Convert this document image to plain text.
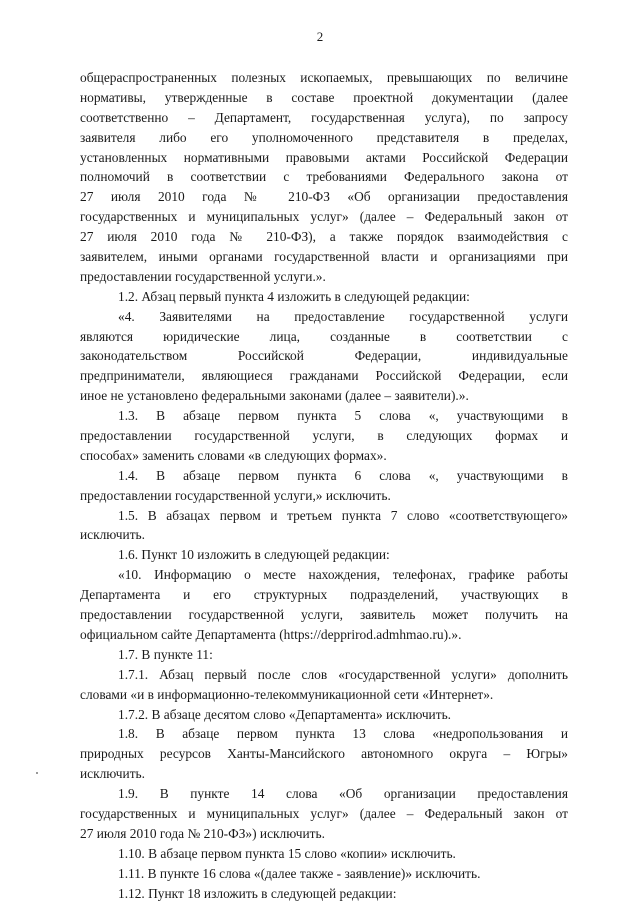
2
общераспространенных полезных ископаемых, превышающих по величине
нормативы, утвержденные в составе проектной документации (далее
соответственно – Департамент, государственная услуга), по запросу
заявителя либо его уполномоченного представителя в пределах,
установленных нормативными правовыми актами Российской Федерации
полномочий в соответствии с требованиями Федерального закона от
27 июля 2010 года № 210-ФЗ «Об организации предоставления
государственных и муниципальных услуг» (далее – Федеральный закон от
27 июля 2010 года № 210-ФЗ), а также порядок взаимодействия с
заявителем, иными органами государственной власти и организациями при
предоставлении государственной услуги.».
1.2. Абзац первый пункта 4 изложить в следующей редакции:
«4. Заявителями на предоставление государственной услуги
являются юридические лица, созданные в соответствии с
законодательством Российской Федерации, индивидуальные
предприниматели, являющиеся гражданами Российской Федерации, если
иное не установлено федеральными законами (далее – заявители).».
1.3. В абзаце первом пункта 5 слова «, участвующими в
предоставлении государственной услуги, в следующих формах и
способах» заменить словами «в следующих формах».
1.4. В абзаце первом пункта 6 слова «, участвующими в
предоставлении государственной услуги,» исключить.
1.5. В абзацах первом и третьем пункта 7 слово «соответствующего»
исключить.
1.6. Пункт 10 изложить в следующей редакции:
«10. Информацию о месте нахождения, телефонах, графике работы
Департамента и его структурных подразделений, участвующих в
предоставлении государственной услуги, заявитель может получить на
официальном сайте Департамента (https://depprirod.admhmao.ru).».
1.7. В пункте 11:
1.7.1. Абзац первый после слов «государственной услуги» дополнить
словами «и в информационно-телекоммуникационной сети «Интернет».
1.7.2. В абзаце десятом слово «Департамента» исключить.
1.8. В абзаце первом пункта 13 слова «недропользования и
природных ресурсов Ханты-Мансийского автономного округа – Югры»
исключить.
1.9. В пункте 14 слова «Об организации предоставления
государственных и муниципальных услуг» (далее – Федеральный закон от
27 июля 2010 года № 210-ФЗ») исключить.
1.10. В абзаце первом пункта 15 слово «копии» исключить.
1.11. В пункте 16 слова «(далее также - заявление)» исключить.
1.12. Пункт 18 изложить в следующей редакции:
